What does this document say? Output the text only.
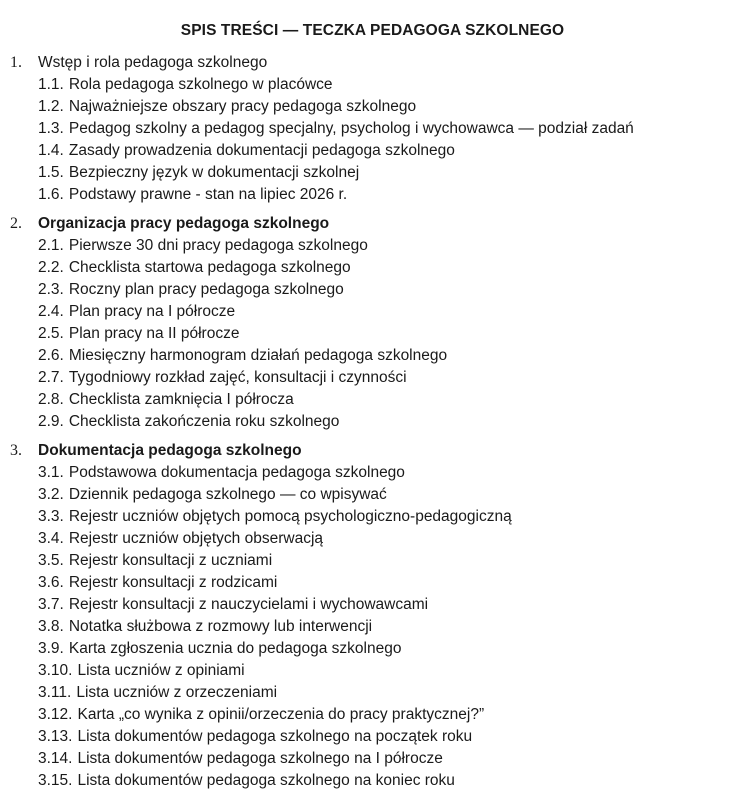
SPIS TREŚCI — TECZKA PEDAGOGA SZKOLNEGO
1. Wstęp i rola pedagoga szkolnego
1.1. Rola pedagoga szkolnego w placówce
1.2. Najważniejsze obszary pracy pedagoga szkolnego
1.3. Pedagog szkolny a pedagog specjalny, psycholog i wychowawca — podział zadań
1.4. Zasady prowadzenia dokumentacji pedagoga szkolnego
1.5. Bezpieczny język w dokumentacji szkolnej
1.6. Podstawy prawne - stan na lipiec 2026 r.
2. Organizacja pracy pedagoga szkolnego
2.1. Pierwsze 30 dni pracy pedagoga szkolnego
2.2. Checklista startowa pedagoga szkolnego
2.3. Roczny plan pracy pedagoga szkolnego
2.4. Plan pracy na I półrocze
2.5. Plan pracy na II półrocze
2.6. Miesięczny harmonogram działań pedagoga szkolnego
2.7. Tygodniowy rozkład zajęć, konsultacji i czynności
2.8. Checklista zamknięcia I półrocza
2.9. Checklista zakończenia roku szkolnego
3. Dokumentacja pedagoga szkolnego
3.1. Podstawowa dokumentacja pedagoga szkolnego
3.2. Dziennik pedagoga szkolnego — co wpisywać
3.3. Rejestr uczniów objętych pomocą psychologiczno-pedagogiczną
3.4. Rejestr uczniów objętych obserwacją
3.5. Rejestr konsultacji z uczniami
3.6. Rejestr konsultacji z rodzicami
3.7. Rejestr konsultacji z nauczycielami i wychowawcami
3.8. Notatka służbowa z rozmowy lub interwencji
3.9. Karta zgłoszenia ucznia do pedagoga szkolnego
3.10. Lista uczniów z opiniami
3.11. Lista uczniów z orzeczeniami
3.12. Karta „co wynika z opinii/orzeczenia do pracy praktycznej?”
3.13. Lista dokumentów pedagoga szkolnego na początek roku
3.14. Lista dokumentów pedagoga szkolnego na I półrocze
3.15. Lista dokumentów pedagoga szkolnego na koniec roku
